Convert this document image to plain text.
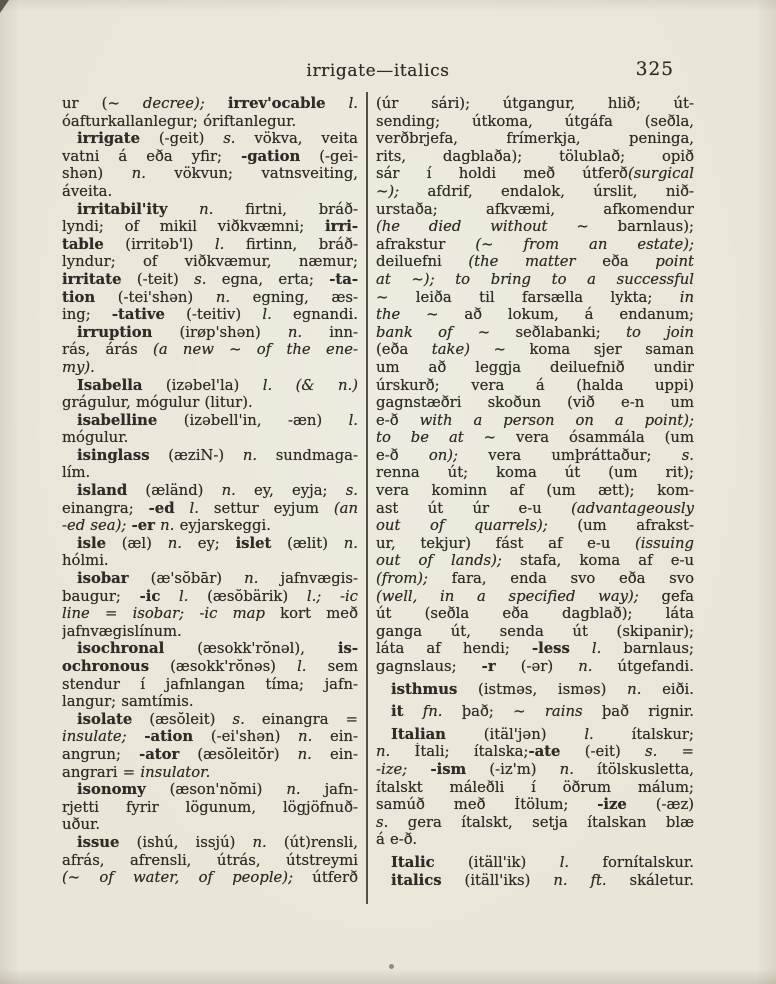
irrigate—italics	325
ur (~ decree); irrev'ocable l.
óafturkallanlegur; óriftanlegur.
irrigate (-geit) s. vökva, veita
vatni á eða yfir; -gation (-gei-
shən) n. vökvun; vatnsveiting,
áveita.
irritabil'ity n. firtni, bráð-
lyndi; of mikil viðkvæmni; irri-
table (irritəb'l) l. firtinn, bráð-
lyndur; of viðkvæmur, næmur;
irritate (-teit) s. egna, erta; -ta-
tion (-tei'shən) n. egning, æs-
ing; -tative (-teitiv) l. egnandi.
irruption (irøp'shən) n. inn-
rás, árás (a new ~ of the ene-
my).
Isabella (izəbel'la) l. (& n.)
grágulur, mógulur (litur).
isabelline (izəbell'in, -æn) l.
mógulur.
isinglass (æziN-) n. sundmaga-
lím.
island (æländ) n. ey, eyja; s.
einangra; -ed l. settur eyjum (an
-ed sea); -er n. eyjarskeggi.
isle (æl) n. ey; islet (ælit) n.
hólmi.
isobar (æ'sŏbār) n. jafnvægis-
baugur; -ic l. (æsŏbärik) l.; -ic
line = isobar; -ic map kort með
jafnvægislínum.
isochronal (æsokk'rŏnəl), is-
ochronous (æsokk'rŏnəs) l. sem
stendur í jafnlangan tíma; jafn-
langur; samtímis.
isolate (æsŏleit) s. einangra =
insulate; -ation (-ei'shən) n. ein-
angrun; -ator (æsŏleitŏr) n. ein-
angrari = insulator.
isonomy (æson'nŏmi) n. jafn-
rjetti fyrir lögunum, lögjöfnuð-
uður.
issue (ishú, issjú) n. (út)rensli,
afrás, afrensli, útrás, útstreymi
(~ of water, of people); útferð
(úr sári); útgangur, hlið; út-
sending; útkoma, útgáfa (seðla,
verðbrjefa, frímerkja, peninga,
rits, dagblaða); tölublað; opið
sár í holdi með útferð(surgical
~); afdrif, endalok, úrslit, nið-
urstaða; afkvæmi, afkomendur
(he died without ~ barnlaus);
afrakstur (~ from an estate);
deiluefni (the matter eða point
at ~); to bring to a successful
~ leiða til farsælla lykta; in
the ~ að lokum, á endanum;
bank of ~ seðlabanki; to join
(eða take) ~ koma sjer saman
um að leggja deiluefnið undir
úrskurð; vera á (halda uppi)
gagnstæðri skoðun (við e-n um
e-ð with a person on a point);
to be at ~ vera ósammála (um
e-ð on); vera umþráttaður; s.
renna út; koma út (um rit);
vera kominn af (um ætt); kom-
ast út úr e-u (advantageously
out of quarrels); (um afrakst-
ur, tekjur) fást af e-u (issuing
out of lands); stafa, koma af e-u
(from); fara, enda svo eða svo
(well, in a specified way); gefa
út (seðla eða dagblað); láta
ganga út, senda út (skipanir);
láta af hendi; -less l. barnlaus;
gagnslaus; -r (-ər) n. útgefandi.
isthmus (istməs, isməs) n. eiði.
it fn. það; ~ rains það rignir.
Italian (itäl'jən) l. ítalskur;
n. Ítali; ítalska;-ate (-eit) s. =
-ize; -ism (-iz'm) n. ítölskusletta,
ítalskt máleðli í öðrum málum;
samúð með Ítölum; -ize (-æz)
s. gera ítalskt, setja ítalskan blæ
á e-ð.
Italic (itäll'ik) l. fornítalskur.
italics (itäll'iks) n. ft. skáletur.
